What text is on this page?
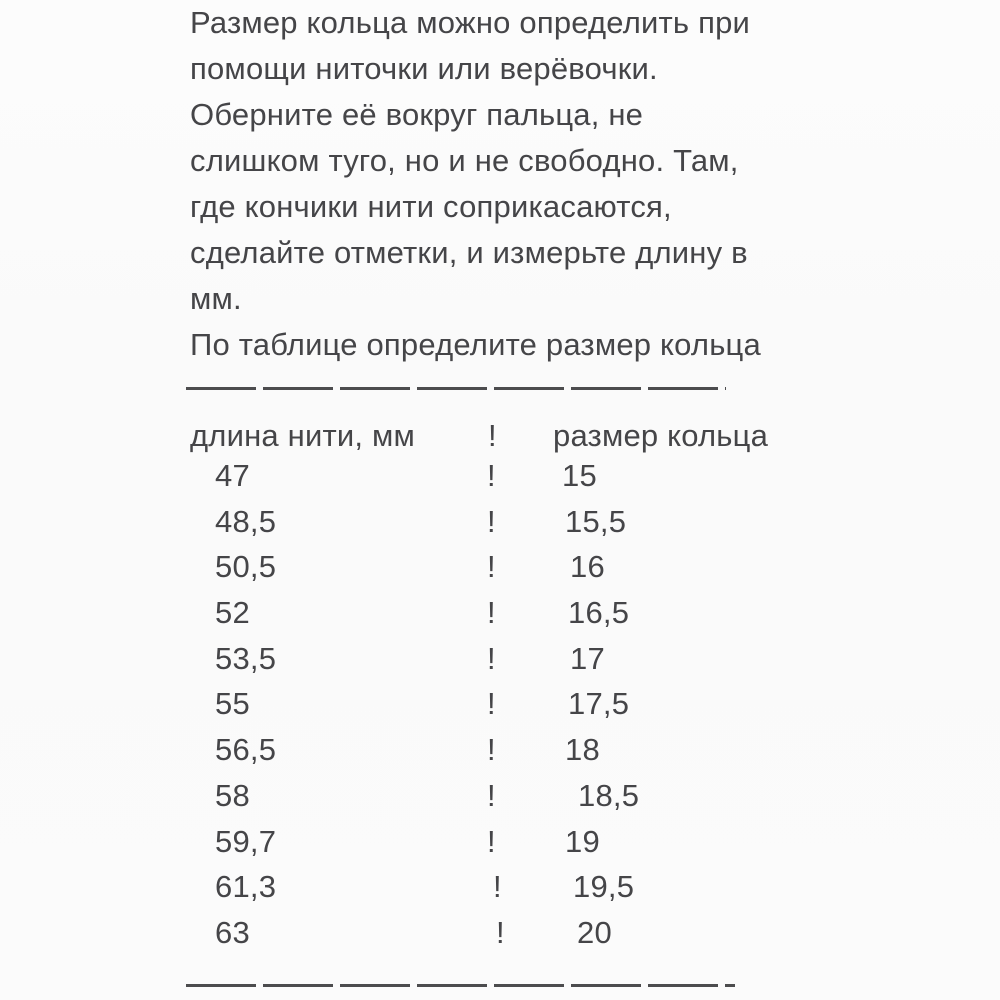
Размер кольца можно определить при
помощи ниточки или верёвочки.
Оберните её вокруг пальца, не
слишком туго, но и не свободно. Там,
где кончики нити соприкасаются,
сделайте отметки, и измерьте длину в
мм.
По таблице определите размер кольца
длина нити, мм ! размер кольца
47	! 15
48,5	! 15,5
50,5	! 16
52	! 16,5
53,5	! 17
55	! 17,5
56,5	! 18
58	!	18,5
59,7	! 19
61,3	! 19,5
63	! 20
